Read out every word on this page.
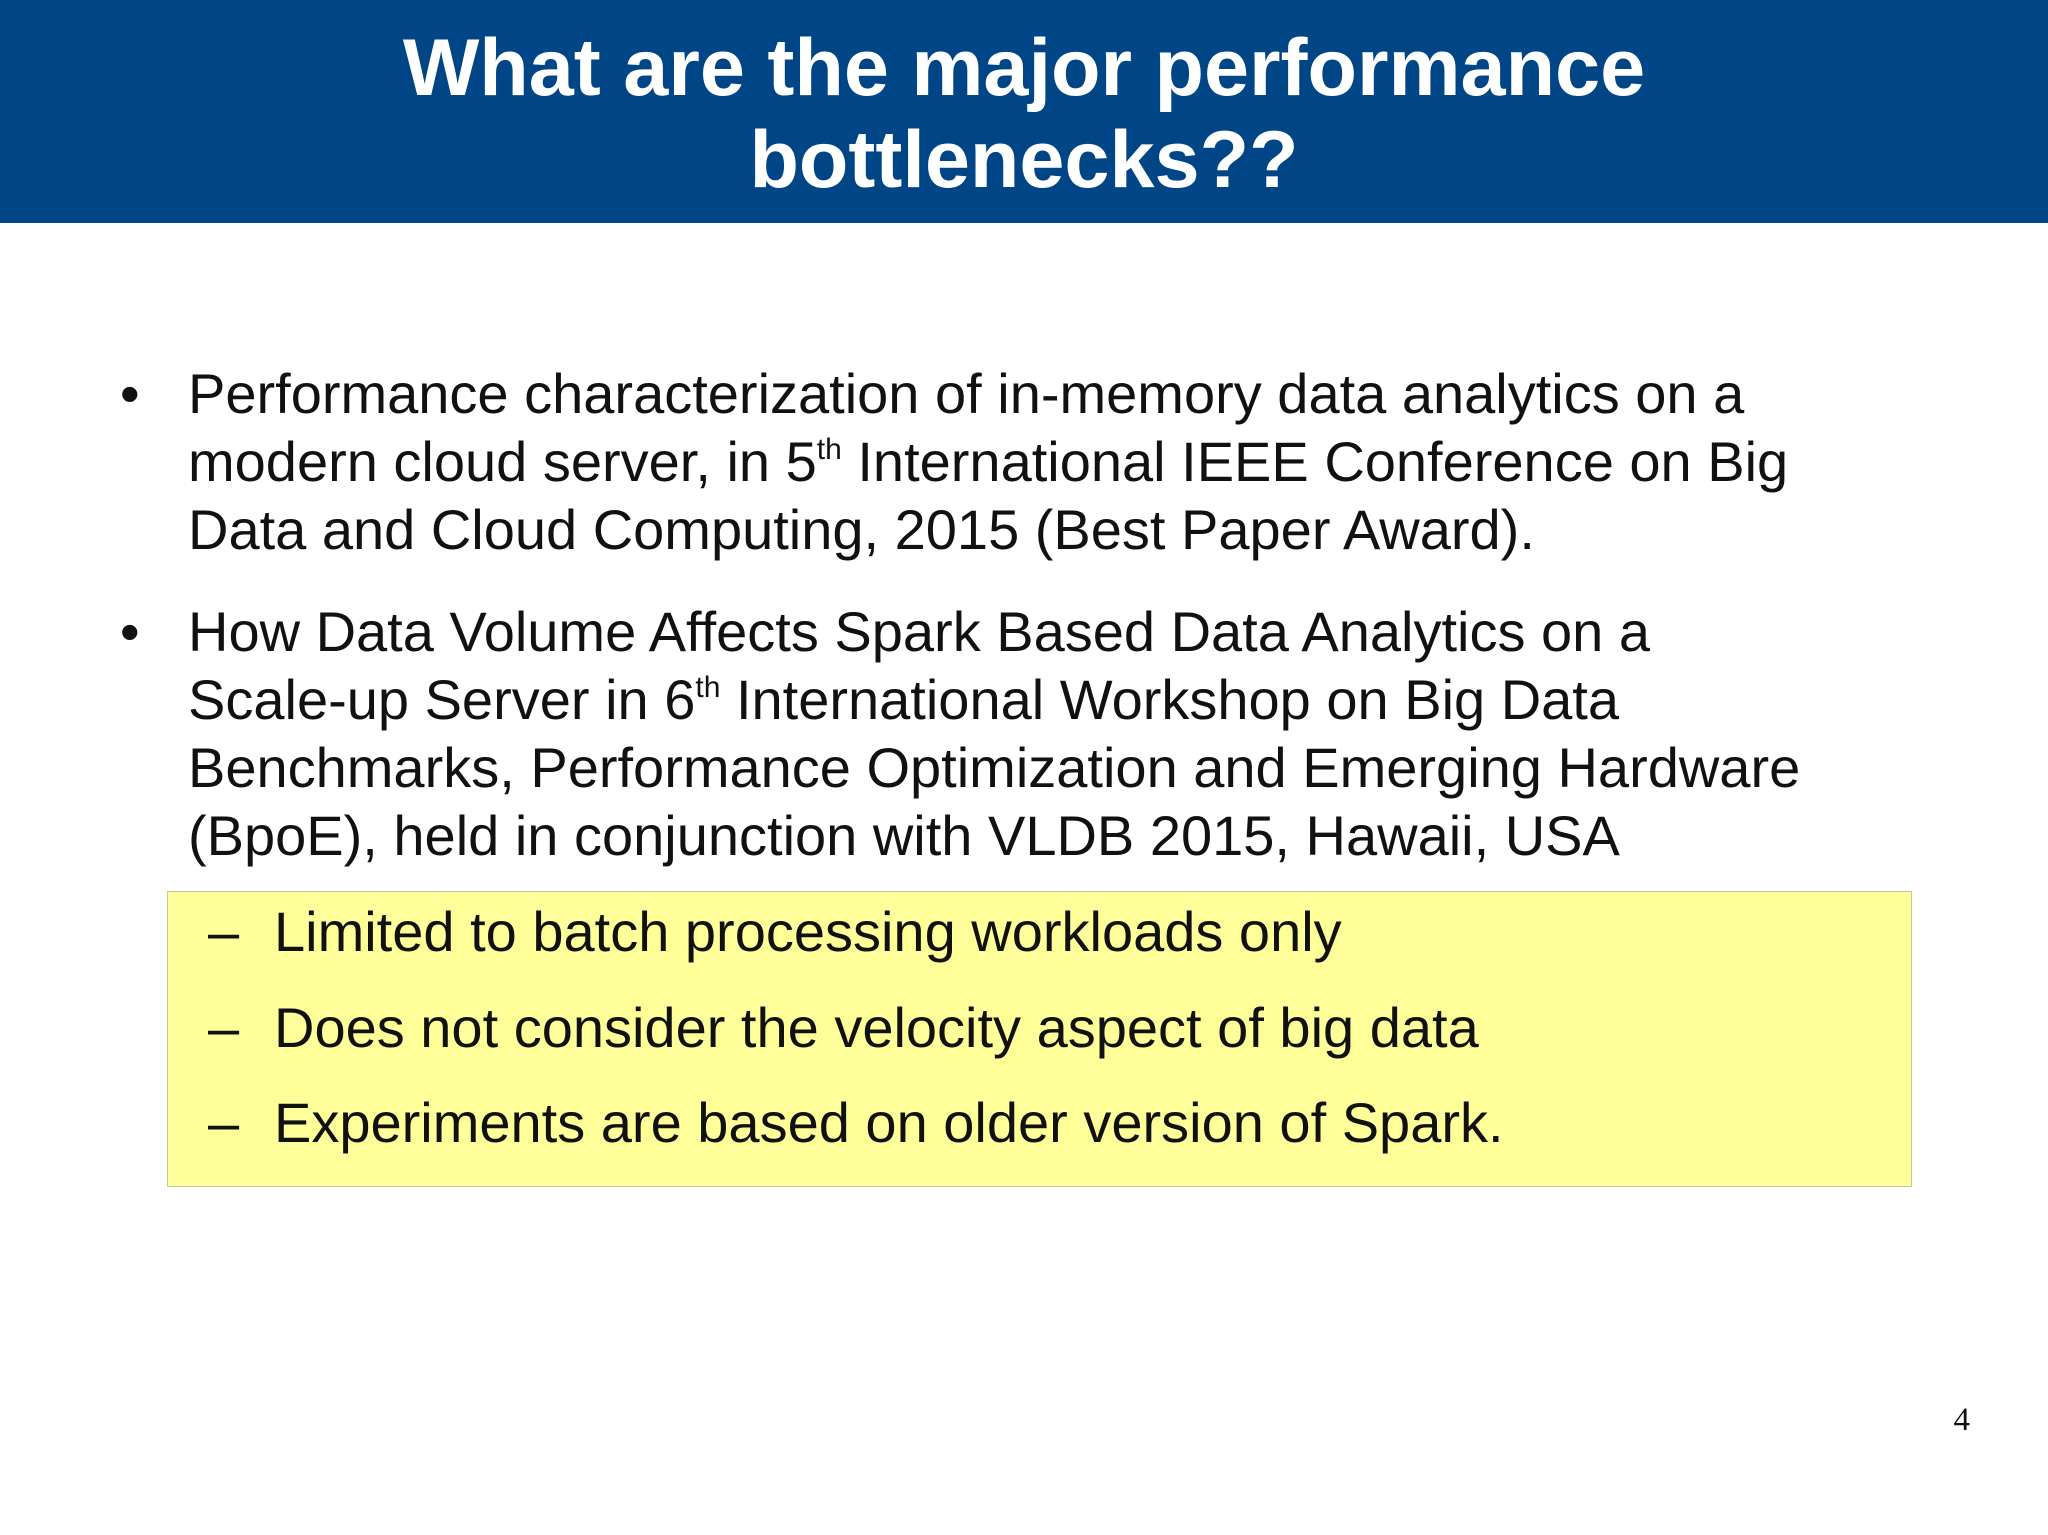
What are the major performance
bottlenecks??
• Performance characterization of in-memory data analytics on a
modern cloud server, in 5th International IEEE Conference on Big
Data and Cloud Computing, 2015 (Best Paper Award).
• How Data Volume Affects Spark Based Data Analytics on a
Scale-up Server in 6th International Workshop on Big Data
Benchmarks, Performance Optimization and Emerging Hardware
(BpoE), held in conjunction with VLDB 2015, Hawaii, USA
– Limited to batch processing workloads only
– Does not consider the velocity aspect of big data
– Experiments are based on older version of Spark.
4
